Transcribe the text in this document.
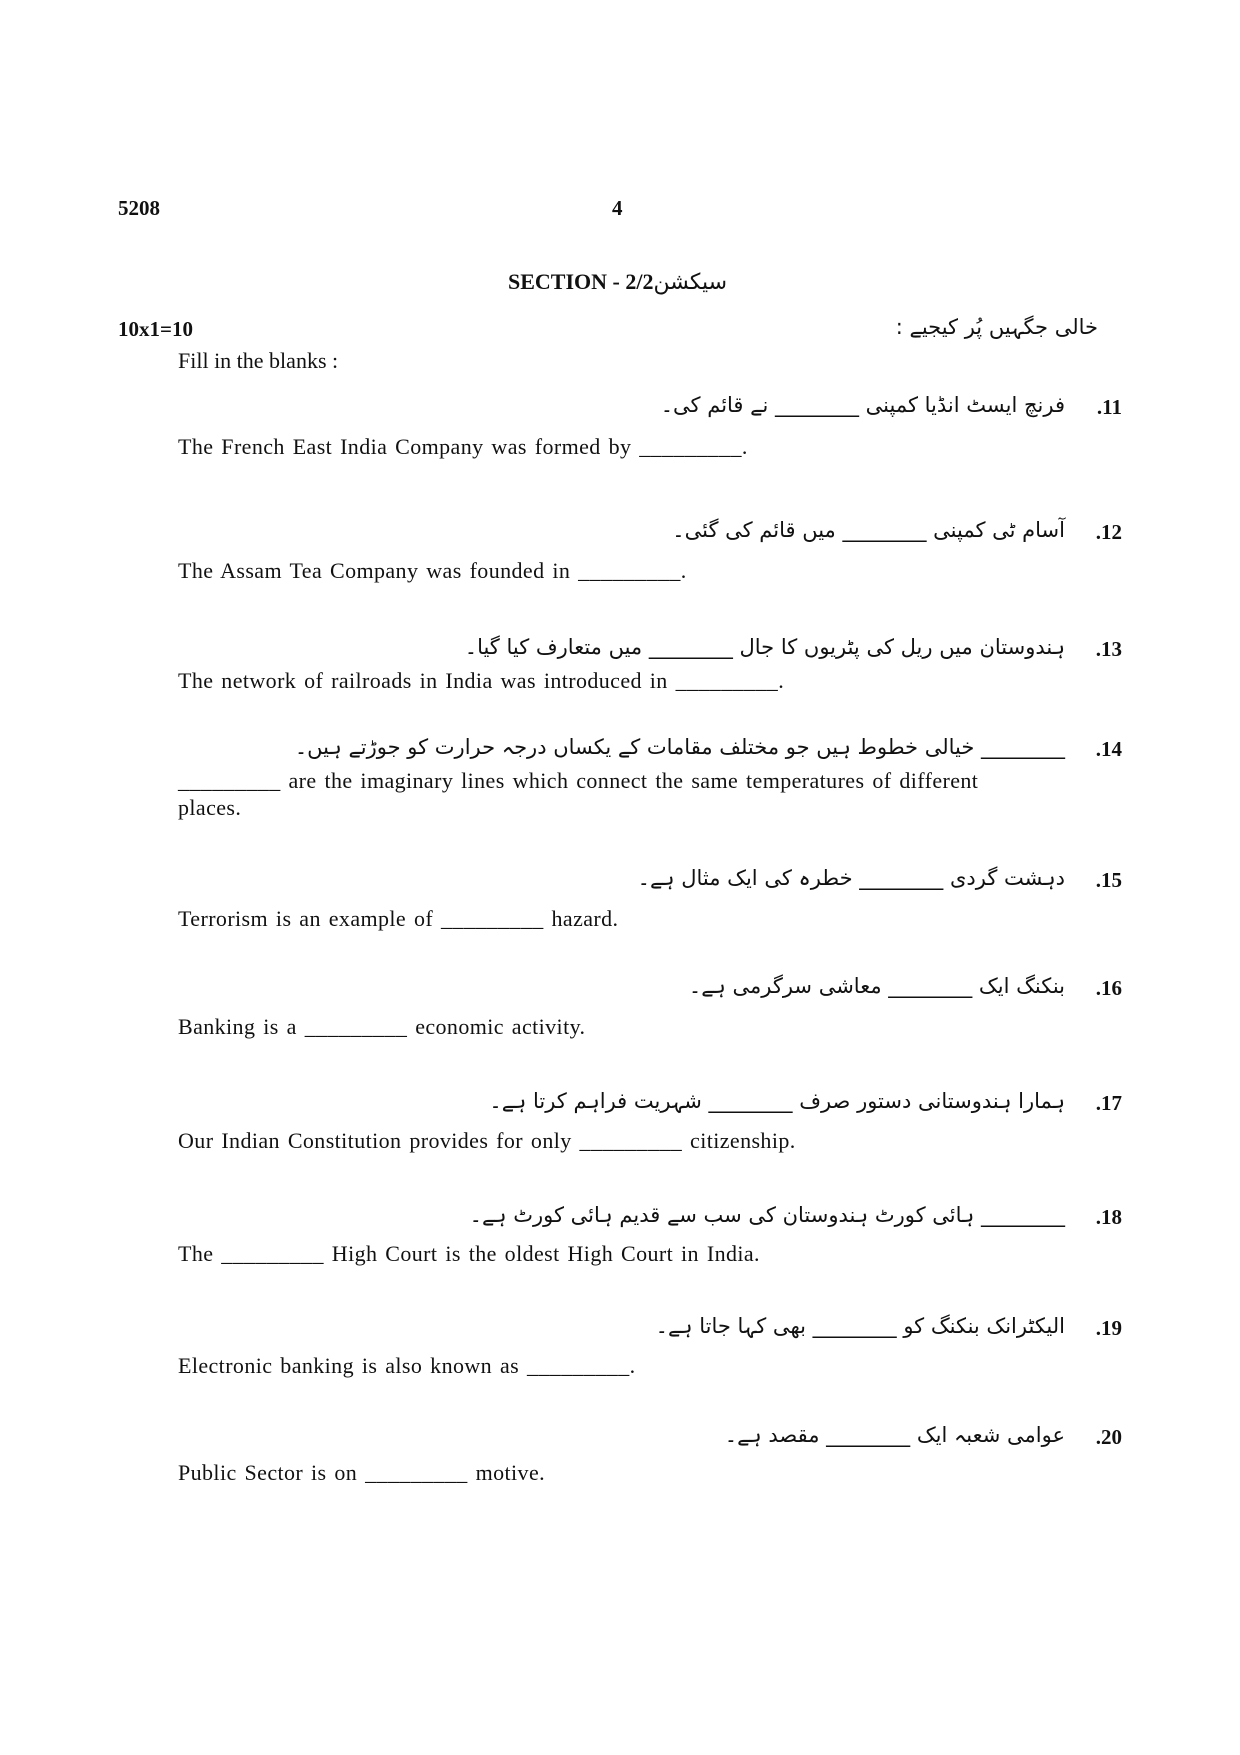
5208	4
SECTION - 2/2سیکشن
10x1=10	خالی جگہیں پُر کیجیے :
Fill in the blanks :
.11
فرنچ ایسٹ انڈیا کمپنی ________ نے قائم کی۔
The French East India Company was formed by _________.
.12
آسام ٹی کمپنی ________ میں قائم کی گئی۔
The Assam Tea Company was founded in _________.
.13
ہندوستان میں ریل کی پٹریوں کا جال ________ میں متعارف کیا گیا۔
The network of railroads in India was introduced in _________.
.14
________ خیالی خطوط ہیں جو مختلف مقامات کے یکساں درجہ حرارت کو جوڑتے ہیں۔
_________ are the imaginary lines which connect the same temperatures of different places.
.15
دہشت گردی ________ خطرہ کی ایک مثال ہے۔
Terrorism is an example of _________ hazard.
.16
بنکنگ ایک ________ معاشی سرگرمی ہے۔
Banking is a _________ economic activity.
.17
ہمارا ہندوستانی دستور صرف ________ شہریت فراہم کرتا ہے۔
Our Indian Constitution provides for only _________ citizenship.
.18
________ ہائی کورٹ ہندوستان کی سب سے قدیم ہائی کورٹ ہے۔
The _________ High Court is the oldest High Court in India.
.19
الیکٹرانک بنکنگ کو ________ بھی کہا جاتا ہے۔
Electronic banking is also known as _________.
.20
عوامی شعبہ ایک ________ مقصد ہے۔
Public Sector is on _________ motive.
